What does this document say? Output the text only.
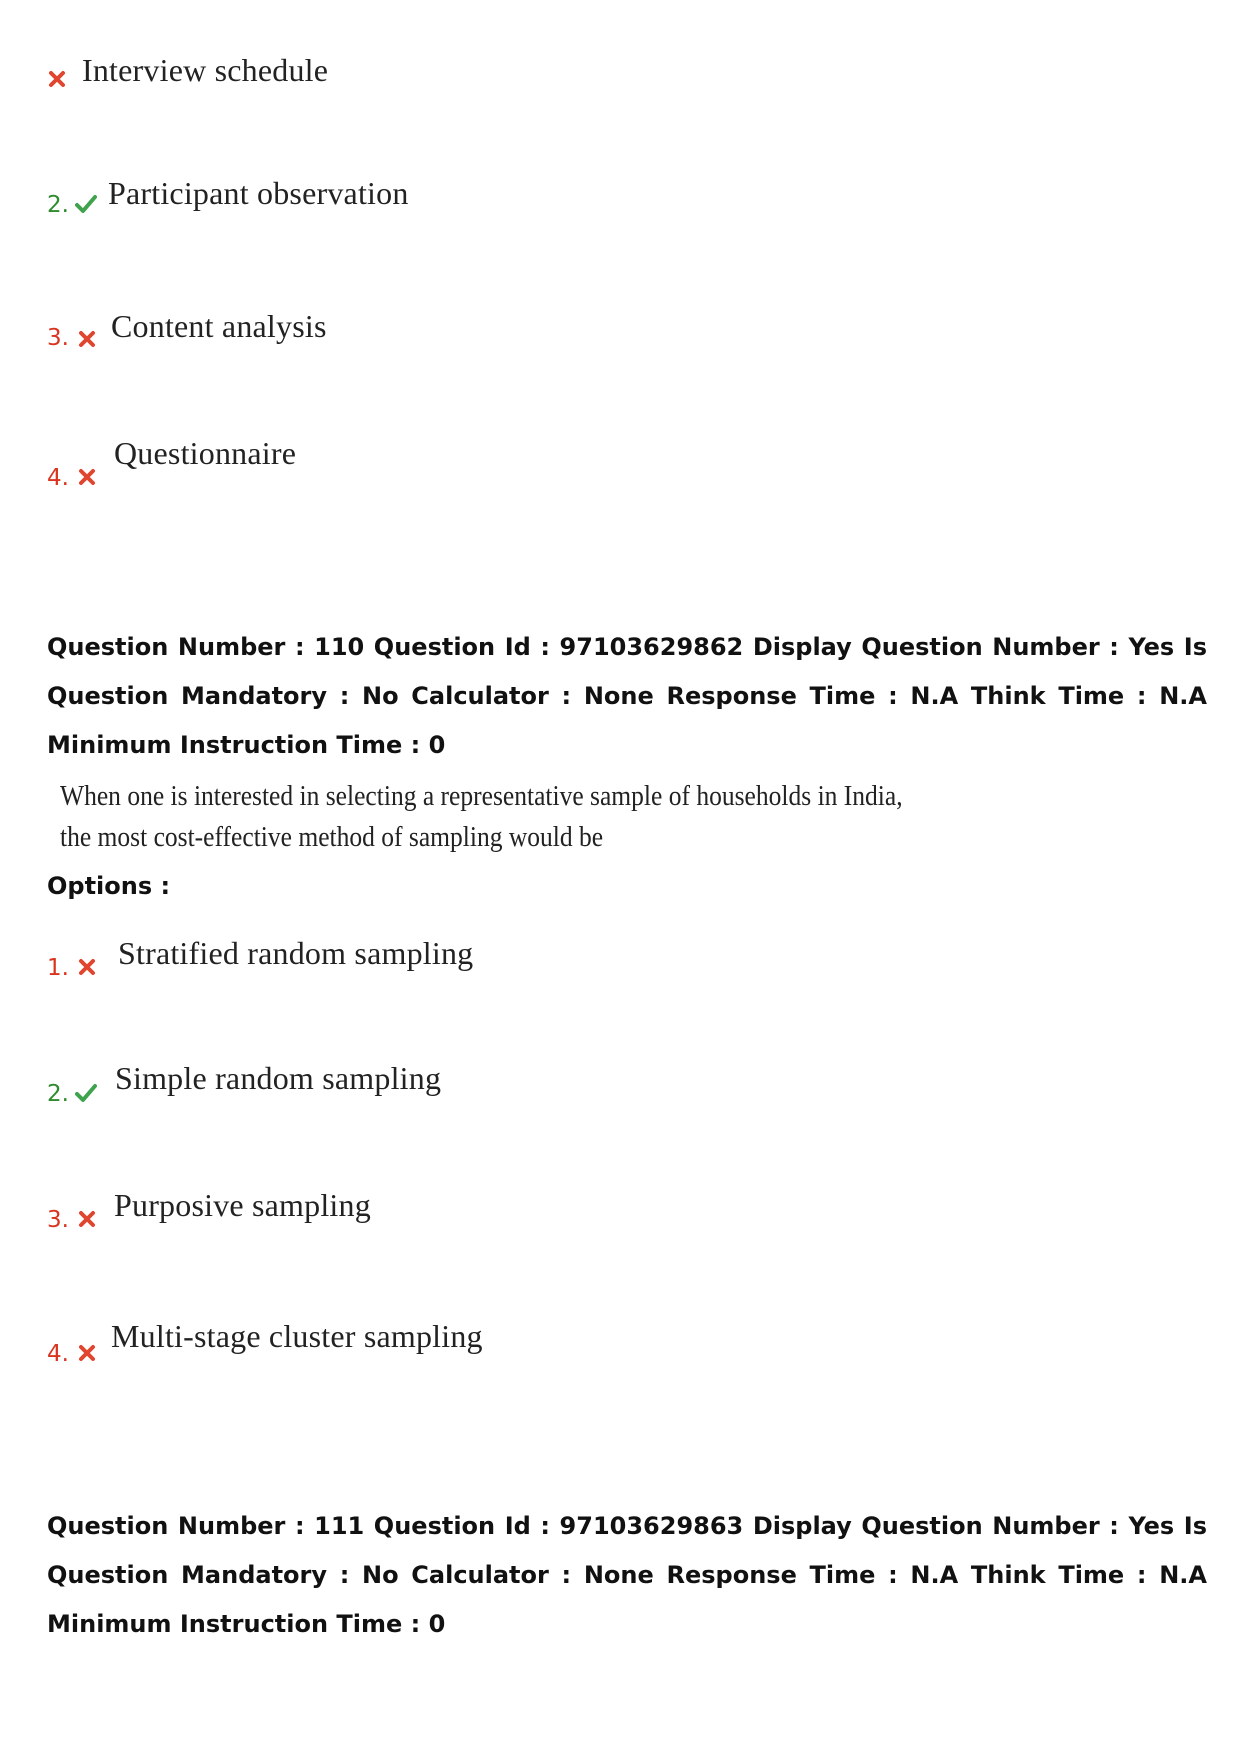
Interview schedule
2. Participant observation
3. Content analysis
4.
Questionnaire
Question Number : 110 Question Id : 97103629862 Display Question Number : Yes Is Question Mandatory : No Calculator : None Response Time : N.A Think Time : N.A Minimum Instruction Time : 0
When one is interested in selecting a representative sample of households in India,
the most cost-effective method of sampling would be
Options :
1. Stratified random sampling
2. Simple random sampling
3. Purposive sampling
4. Multi-stage cluster sampling
Question Number : 111 Question Id : 97103629863 Display Question Number : Yes Is Question Mandatory : No Calculator : None Response Time : N.A Think Time : N.A Minimum Instruction Time : 0
